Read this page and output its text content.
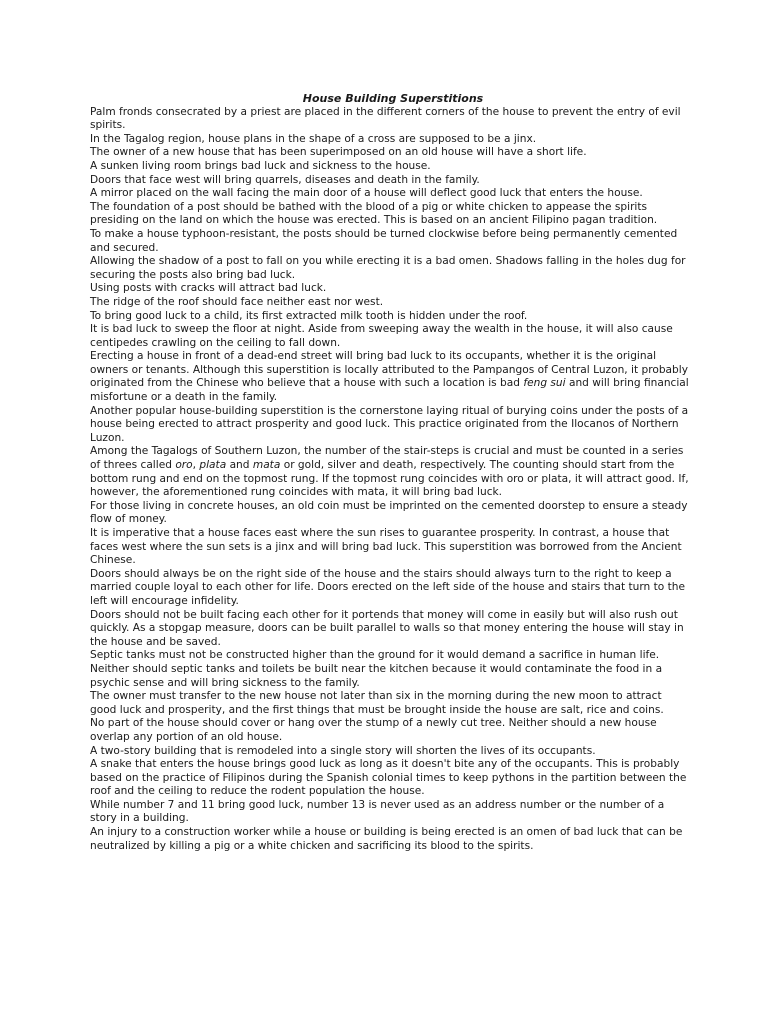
House Building Superstitions

Palm fronds consecrated by a priest are placed in the different corners of the house to prevent the entry of evil spirits.

In the Tagalog region, house plans in the shape of a cross are supposed to be a jinx.

The owner of a new house that has been superimposed on an old house will have a short life.

A sunken living room brings bad luck and sickness to the house.

Doors that face west will bring quarrels, diseases and death in the family.

A mirror placed on the wall facing the main door of a house will deflect good luck that enters the house.

The foundation of a post should be bathed with the blood of a pig or white chicken to appease the spirits presiding on the land on which the house was erected. This is based on an ancient Filipino pagan tradition.

To make a house typhoon-resistant, the posts should be turned clockwise before being permanently cemented and secured.

Allowing the shadow of a post to fall on you while erecting it is a bad omen. Shadows falling in the holes dug for securing the posts also bring bad luck.

Using posts with cracks will attract bad luck.

The ridge of the roof should face neither east nor west.

To bring good luck to a child, its first extracted milk tooth is hidden under the roof.

It is bad luck to sweep the floor at night. Aside from sweeping away the wealth in the house, it will also cause centipedes crawling on the ceiling to fall down.

Erecting a house in front of a dead-end street will bring bad luck to its occupants, whether it is the original owners or tenants. Although this superstition is locally attributed to the Pampangos of Central Luzon, it probably originated from the Chinese who believe that a house with such a location is bad feng sui and will bring financial misfortune or a death in the family.

Another popular house-building superstition is the cornerstone laying ritual of burying coins under the posts of a house being erected to attract prosperity and good luck. This practice originated from the Ilocanos of Northern Luzon.

Among the Tagalogs of Southern Luzon, the number of the stair-steps is crucial and must be counted in a series of threes called oro, plata and mata or gold, silver and death, respectively. The counting should start from the bottom rung and end on the topmost rung. If the topmost rung coincides with oro or plata, it will attract good. If, however, the aforementioned rung coincides with mata, it will bring bad luck.

For those living in concrete houses, an old coin must be imprinted on the cemented doorstep to ensure a steady flow of money.

It is imperative that a house faces east where the sun rises to guarantee prosperity. In contrast, a house that faces west where the sun sets is a jinx and will bring bad luck. This superstition was borrowed from the Ancient Chinese.

Doors should always be on the right side of the house and the stairs should always turn to the right to keep a married couple loyal to each other for life. Doors erected on the left side of the house and stairs that turn to the left will encourage infidelity.

Doors should not be built facing each other for it portends that money will come in easily but will also rush out quickly. As a stopgap measure, doors can be built parallel to walls so that money entering the house will stay in the house and be saved.

Septic tanks must not be constructed higher than the ground for it would demand a sacrifice in human life. Neither should septic tanks and toilets be built near the kitchen because it would contaminate the food in a psychic sense and will bring sickness to the family.

The owner must transfer to the new house not later than six in the morning during the new moon to attract good luck and prosperity, and the first things that must be brought inside the house are salt, rice and coins.

No part of the house should cover or hang over the stump of a newly cut tree. Neither should a new house overlap any portion of an old house.

A two-story building that is remodeled into a single story will shorten the lives of its occupants.

A snake that enters the house brings good luck as long as it doesn't bite any of the occupants. This is probably based on the practice of Filipinos during the Spanish colonial times to keep pythons in the partition between the roof and the ceiling to reduce the rodent population the house.

While number 7 and 11 bring good luck, number 13 is never used as an address number or the number of a story in a building.

An injury to a construction worker while a house or building is being erected is an omen of bad luck that can be neutralized by killing a pig or a white chicken and sacrificing its blood to the spirits.
